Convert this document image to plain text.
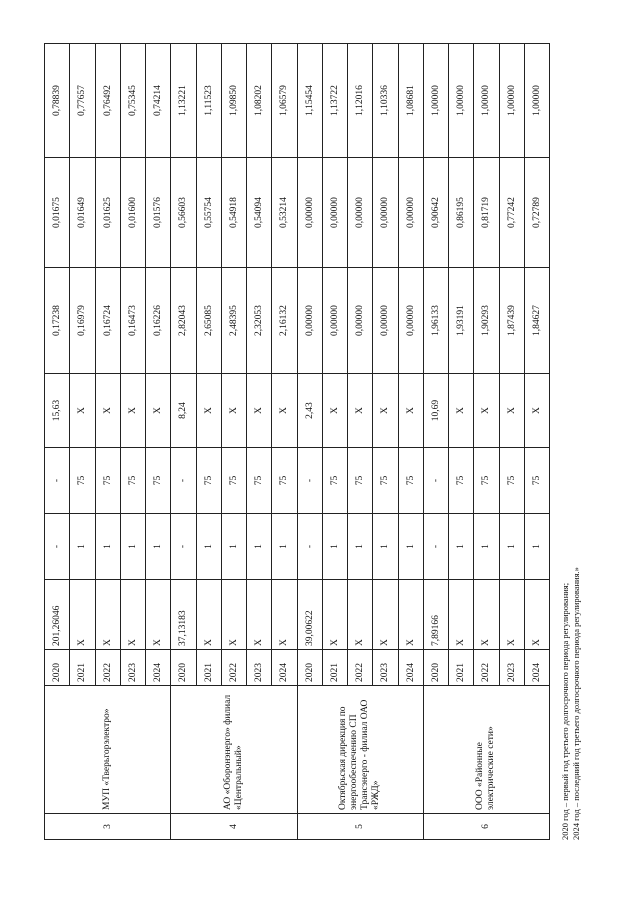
3	МУП «Тверьгорэлектро»	2020	201,26046	-	-	15,63	0,17238	0,01675	0,78839
		2021	X	1	75	X	0,16979	0,01649	0,77657
		2022	X	1	75	X	0,16724	0,01625	0,76492
		2023	X	1	75	X	0,16473	0,01600	0,75345
		2024	X	1	75	X	0,16226	0,01576	0,74214
4	АО «Оборонэнерго» филиал «Центральный»	2020	37,13183	-	-	8,24	2,82043	0,56603	1,13221
		2021	X	1	75	X	2,65085	0,55754	1,11523
		2022	X	1	75	X	2,48395	0,54918	1,09850
		2023	X	1	75	X	2,32053	0,54094	1,08202
		2024	X	1	75	X	2,16132	0,53214	1,06579
5	Октябрьская дирекция по энергообеспечению СП Трансэнерго - филиал ОАО «РЖД»	2020	39,00622	-	-	2,43	0,00000	0,00000	1,15454
		2021	X	1	75	X	0,00000	0,00000	1,13722
		2022	X	1	75	X	0,00000	0,00000	1,12016
		2023	X	1	75	X	0,00000	0,00000	1,10336
		2024	X	1	75	X	0,00000	0,00000	1,08681
6	ООО «Районные электрические сети»	2020	7,89166	-	-	10,69	1,96133	0,90642	1,00000
		2021	X	1	75	X	1,93191	0,86195	1,00000
		2022	X	1	75	X	1,90293	0,81719	1,00000
		2023	X	1	75	X	1,87439	0,77242	1,00000
		2024	X	1	75	X	1,84627	0,72789	1,00000
2020 год – первый год третьего долгосрочного периода регулирования; 2024 год – последний год третьего долгосрочного периода регулирования.»
